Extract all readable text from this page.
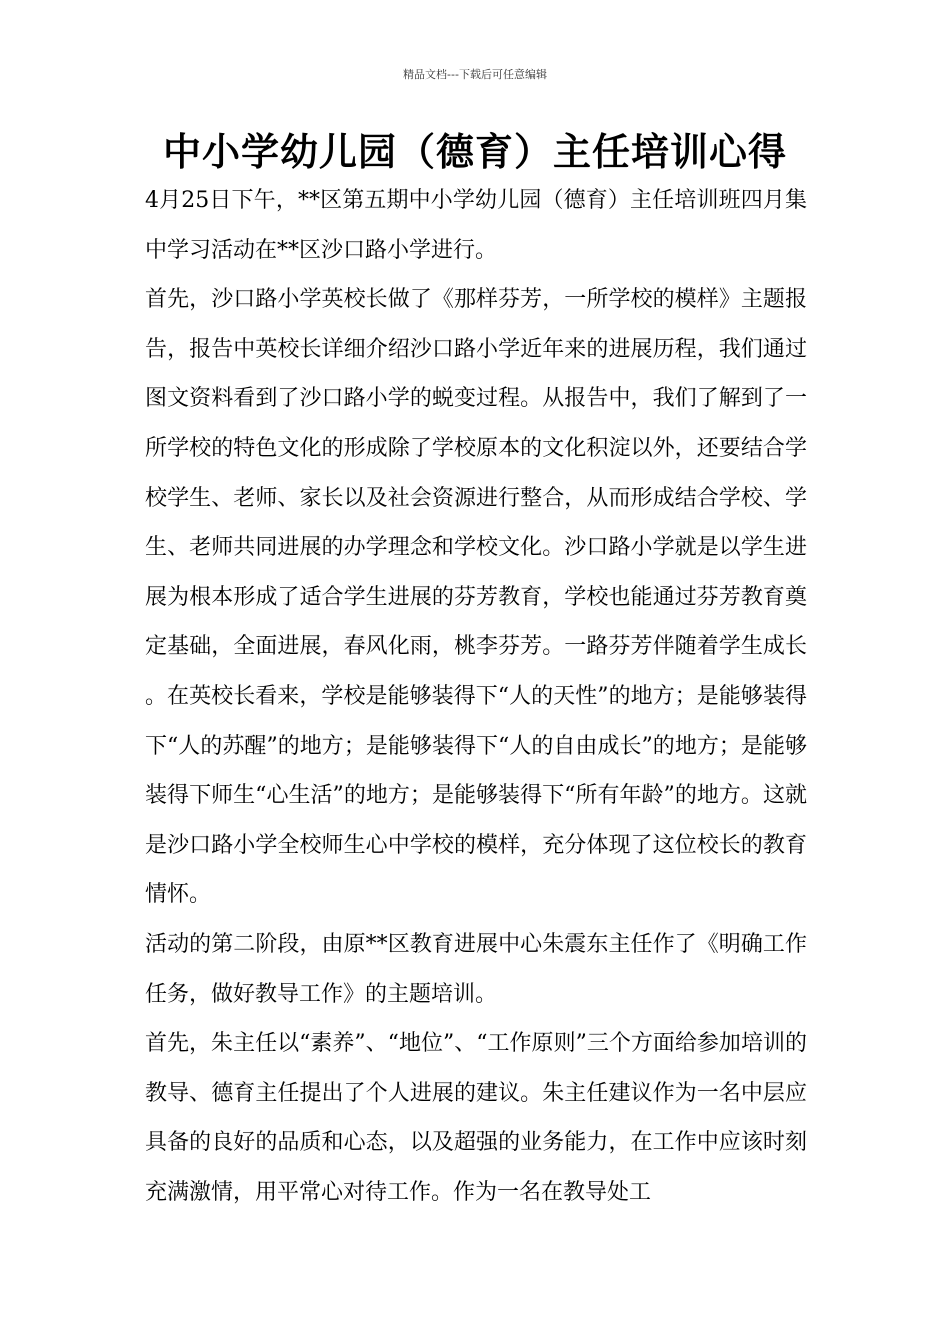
精品文档---下载后可任意编辑
中小学幼儿园（德育）主任培训心得

4月25日下午，**区第五期中小学幼儿园（德育）主任培训班四月集中学习活动在**区沙口路小学进行。

首先，沙口路小学英校长做了《那样芬芳，一所学校的模样》主题报告，报告中英校长详细介绍沙口路小学近年来的进展历程，我们通过图文资料看到了沙口路小学的蜕变过程。从报告中，我们了解到了一所学校的特色文化的形成除了学校原本的文化积淀以外，还要结合学校学生、老师、家长以及社会资源进行整合，从而形成结合学校、学生、老师共同进展的办学理念和学校文化。沙口路小学就是以学生进展为根本形成了适合学生进展的芬芳教育，学校也能通过芬芳教育奠定基础，全面进展，春风化雨，桃李芬芳。一路芬芳伴随着学生成长。在英校长看来，学校是能够装得下“人的天性”的地方；是能够装得下“人的苏醒”的地方；是能够装得下“人的自由成长”的地方；是能够装得下师生“心生活”的地方；是能够装得下“所有年龄”的地方。这就是沙口路小学全校师生心中学校的模样，充分体现了这位校长的教育情怀。

活动的第二阶段，由原**区教育进展中心朱震东主任作了《明确工作任务，做好教导工作》的主题培训。

首先，朱主任以“素养”、“地位”、“工作原则”三个方面给参加培训的教导、德育主任提出了个人进展的建议。朱主任建议作为一名中层应具备的良好的品质和心态，以及超强的业务能力，在工作中应该时刻充满激情，用平常心对待工作。作为一名在教导处工
